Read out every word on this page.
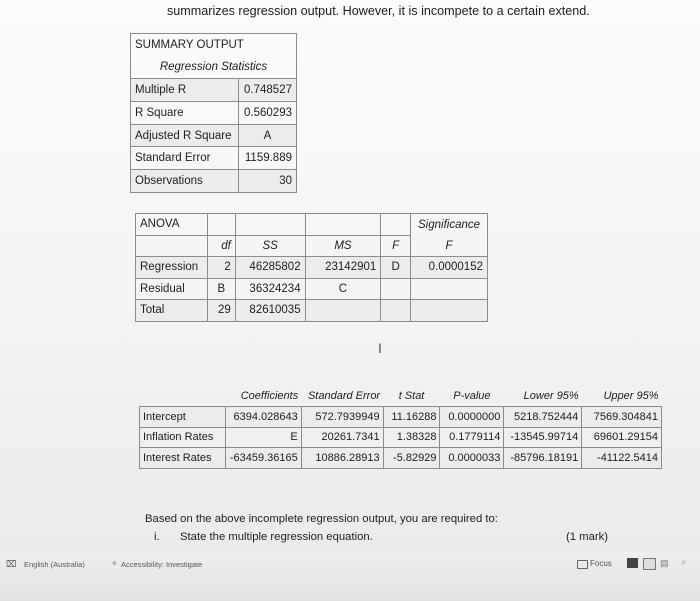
summarizes regression output. However, it is incompete to a certain extend.
SUMMARY OUTPUT	
Regression Statistics	
Multiple R	0.748527
R Square	0.560293
Adjusted R Square	A
Standard Error	1159.889
Observations	30
ANOVA					Significance
	df	SS	MS	F	F
Regression	2	46285802	23142901	D	0.0000152
Residual	B	36324234	C		
Total	29	82610035			
I
	Coefficients	Standard Error	t Stat	P-value	Lower 95%	Upper 95%
Intercept	6394.028643	572.7939949	11.16288	0.0000000	5218.752444	7569.304841
Inflation Rates	E	20261.7341	1.38328	0.1779114	-13545.99714	69601.29154
Interest Rates	-63459.36165	10886.28913	-5.82929	0.0000033	-85796.18191	-41122.5414
Based on the above incomplete regression output, you are required to:
i. State the multiple regression equation.	(1 mark)
⌧ English (Australia)	✧ Accessibility: Investigate	Focus	▤ ⌕
